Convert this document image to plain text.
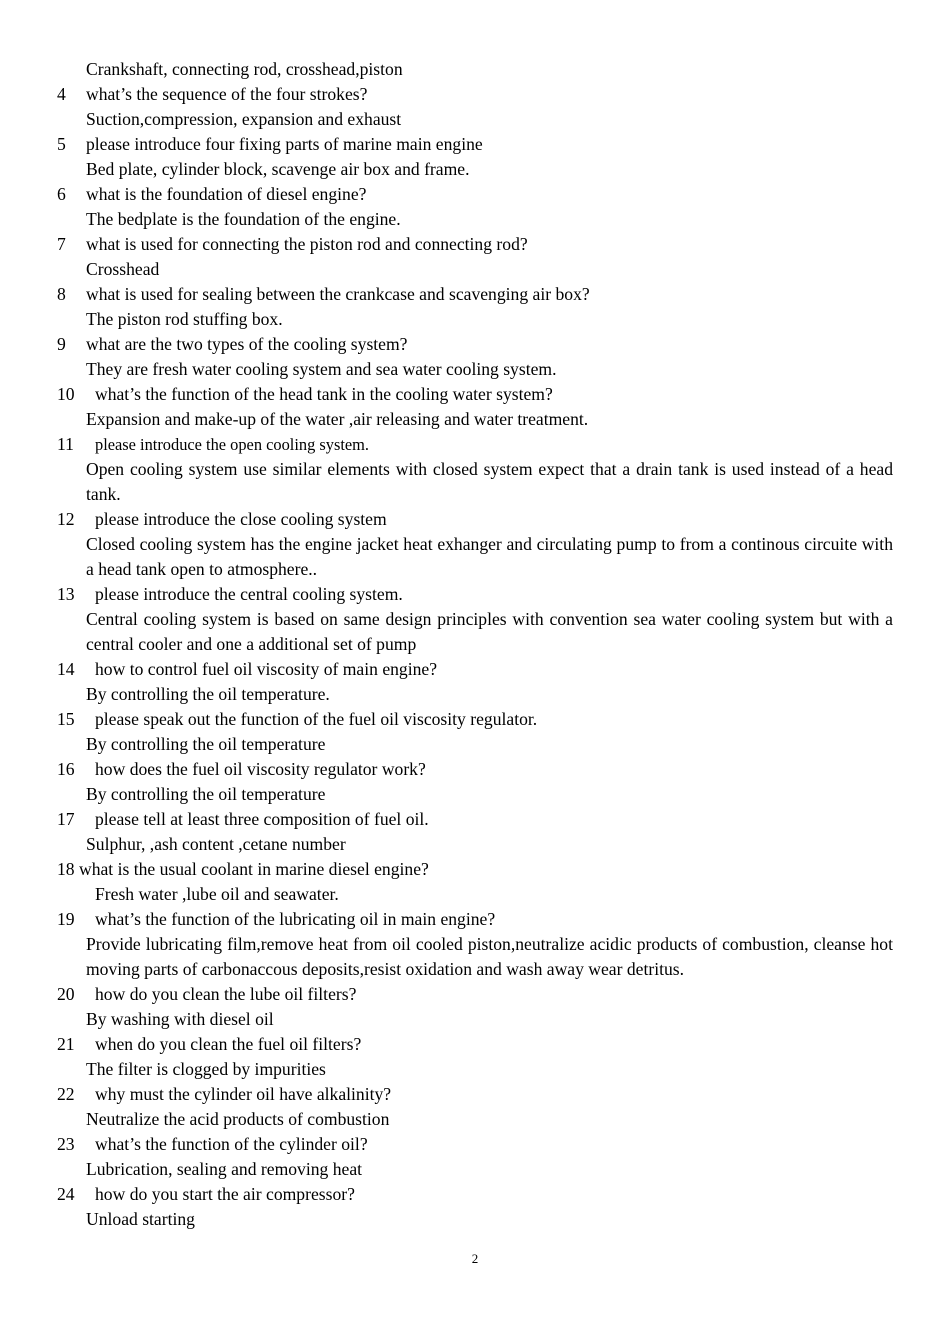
Crankshaft, connecting rod, crosshead,piston
4 what’s the sequence of the four strokes?
Suction,compression, expansion and exhaust
5 please introduce four fixing parts of marine main engine
Bed plate, cylinder block, scavenge air box and frame.
6 what is the foundation of diesel engine?
The bedplate is the foundation of the engine.
7 what is used for connecting the piston rod and connecting rod?
Crosshead
8 what is used for sealing between the crankcase and scavenging air box?
The piston rod stuffing box.
9 what are the two types of the cooling system?
They are fresh water cooling system and sea water cooling system.
10 what’s the function of the head tank in the cooling water system?
Expansion and make-up of the water ,air releasing and water treatment.
11 please introduce the open cooling system.
Open cooling system use similar elements with closed system expect that a drain tank is used instead of a head tank.
12 please introduce the close cooling system
Closed cooling system has the engine jacket heat exhanger and circulating pump to from a continous circuite with a head tank open to atmosphere..
13 please introduce the central cooling system.
Central cooling system is based on same design principles with convention sea water cooling system but with a central cooler and one a additional set of pump
14 how to control fuel oil viscosity of main engine?
By controlling the oil temperature.
15 please speak out the function of the fuel oil viscosity regulator.
By controlling the oil temperature
16 how does the fuel oil viscosity regulator work?
By controlling the oil temperature
17 please tell at least three composition of fuel oil.
Sulphur, ,ash content ,cetane number
18 what is the usual coolant in marine diesel engine?
Fresh water ,lube oil and seawater.
19 what’s the function of the lubricating oil in main engine?
Provide lubricating film,remove heat from oil cooled piston,neutralize acidic products of combustion, cleanse hot moving parts of carbonaccous deposits,resist oxidation and wash away wear detritus.
20 how do you clean the lube oil filters?
By washing with diesel oil
21 when do you clean the fuel oil filters?
The filter is clogged by impurities
22 why must the cylinder oil have alkalinity?
Neutralize the acid products of combustion
23 what’s the function of the cylinder oil?
Lubrication, sealing and removing heat
24 how do you start the air compressor?
Unload starting
2
